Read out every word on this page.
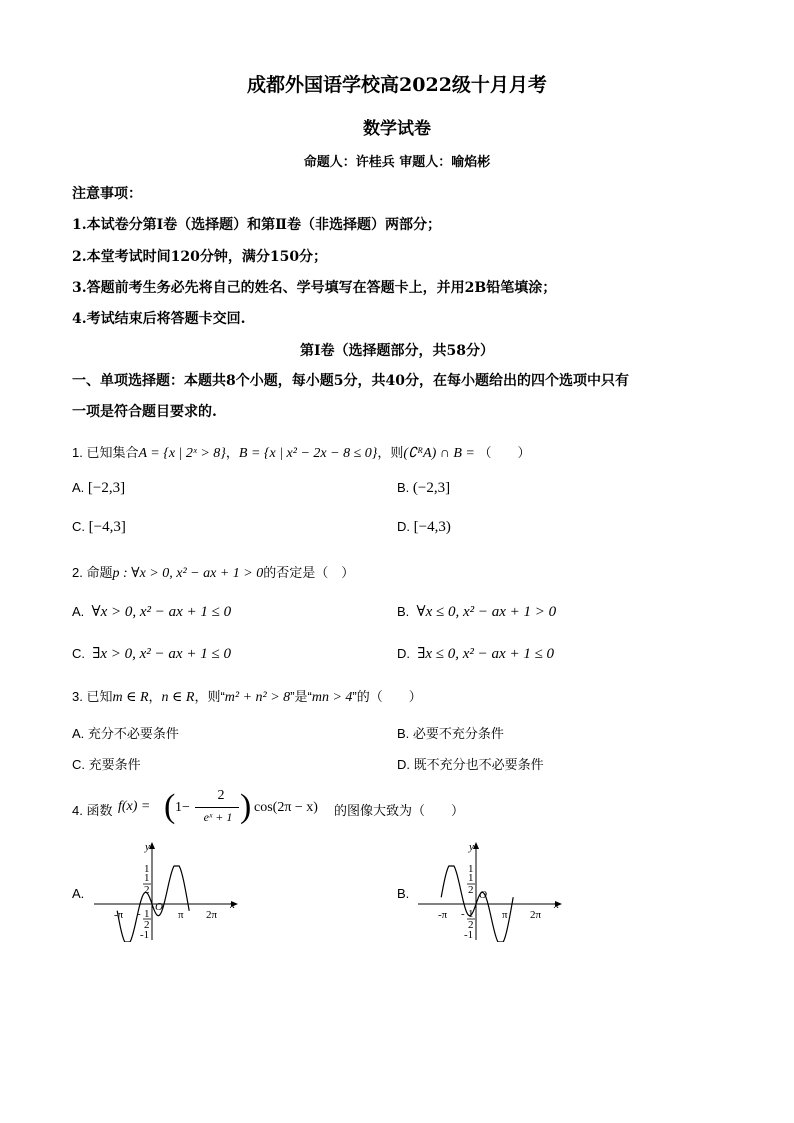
成都外国语学校高2022级十月月考
数学试卷
命题人：许桂兵 审题人：喻焰彬
注意事项：
1.本试卷分第Ⅰ卷（选择题）和第Ⅱ卷（非选择题）两部分；
2.本堂考试时间120分钟，满分150分；
3.答题前考生务必先将自己的姓名、学号填写在答题卡上，并用2B铅笔填涂；
4.考试结束后将答题卡交回.
第Ⅰ卷（选择题部分，共58分）
一、单项选择题：本题共8个小题，每小题5分，共40分，在每小题给出的四个选项中只有
一项是符合题目要求的.
1. 已知集合A = {x | 2ˣ > 8}，B = {x | x² − 2x − 8 ≤ 0}，则(∁ᴿA) ∩ B = （　　）
A. [−2,3]	B. (−2,3]
C. [−4,3]	D. [−4,3)
2. 命题p : ∀x > 0, x² − ax + 1 > 0的否定是（　）
A. ∀x > 0, x² − ax + 1 ≤ 0	B. ∀x ≤ 0, x² − ax + 1 > 0
C. ∃x > 0, x² − ax + 1 ≤ 0	D. ∃x ≤ 0, x² − ax + 1 ≤ 0
3. 已知m ∈ R，n ∈ R，则“m² + n² > 8”是“mn > 4”的（　　）
A. 充分不必要条件	B. 必要不充分条件
C. 充要条件	D. 既不充分也不必要条件
4. 函数 f(x) = ( 1−
2
eˣ + 1 ) cos(2π − x) 的图像大致为（　　）
A.	B.
y
x
1
1
2
- 1
2
-1
O
-π	π 2π
y
x
1
1
2
- 1
2
-1
O
-π	π 2π
